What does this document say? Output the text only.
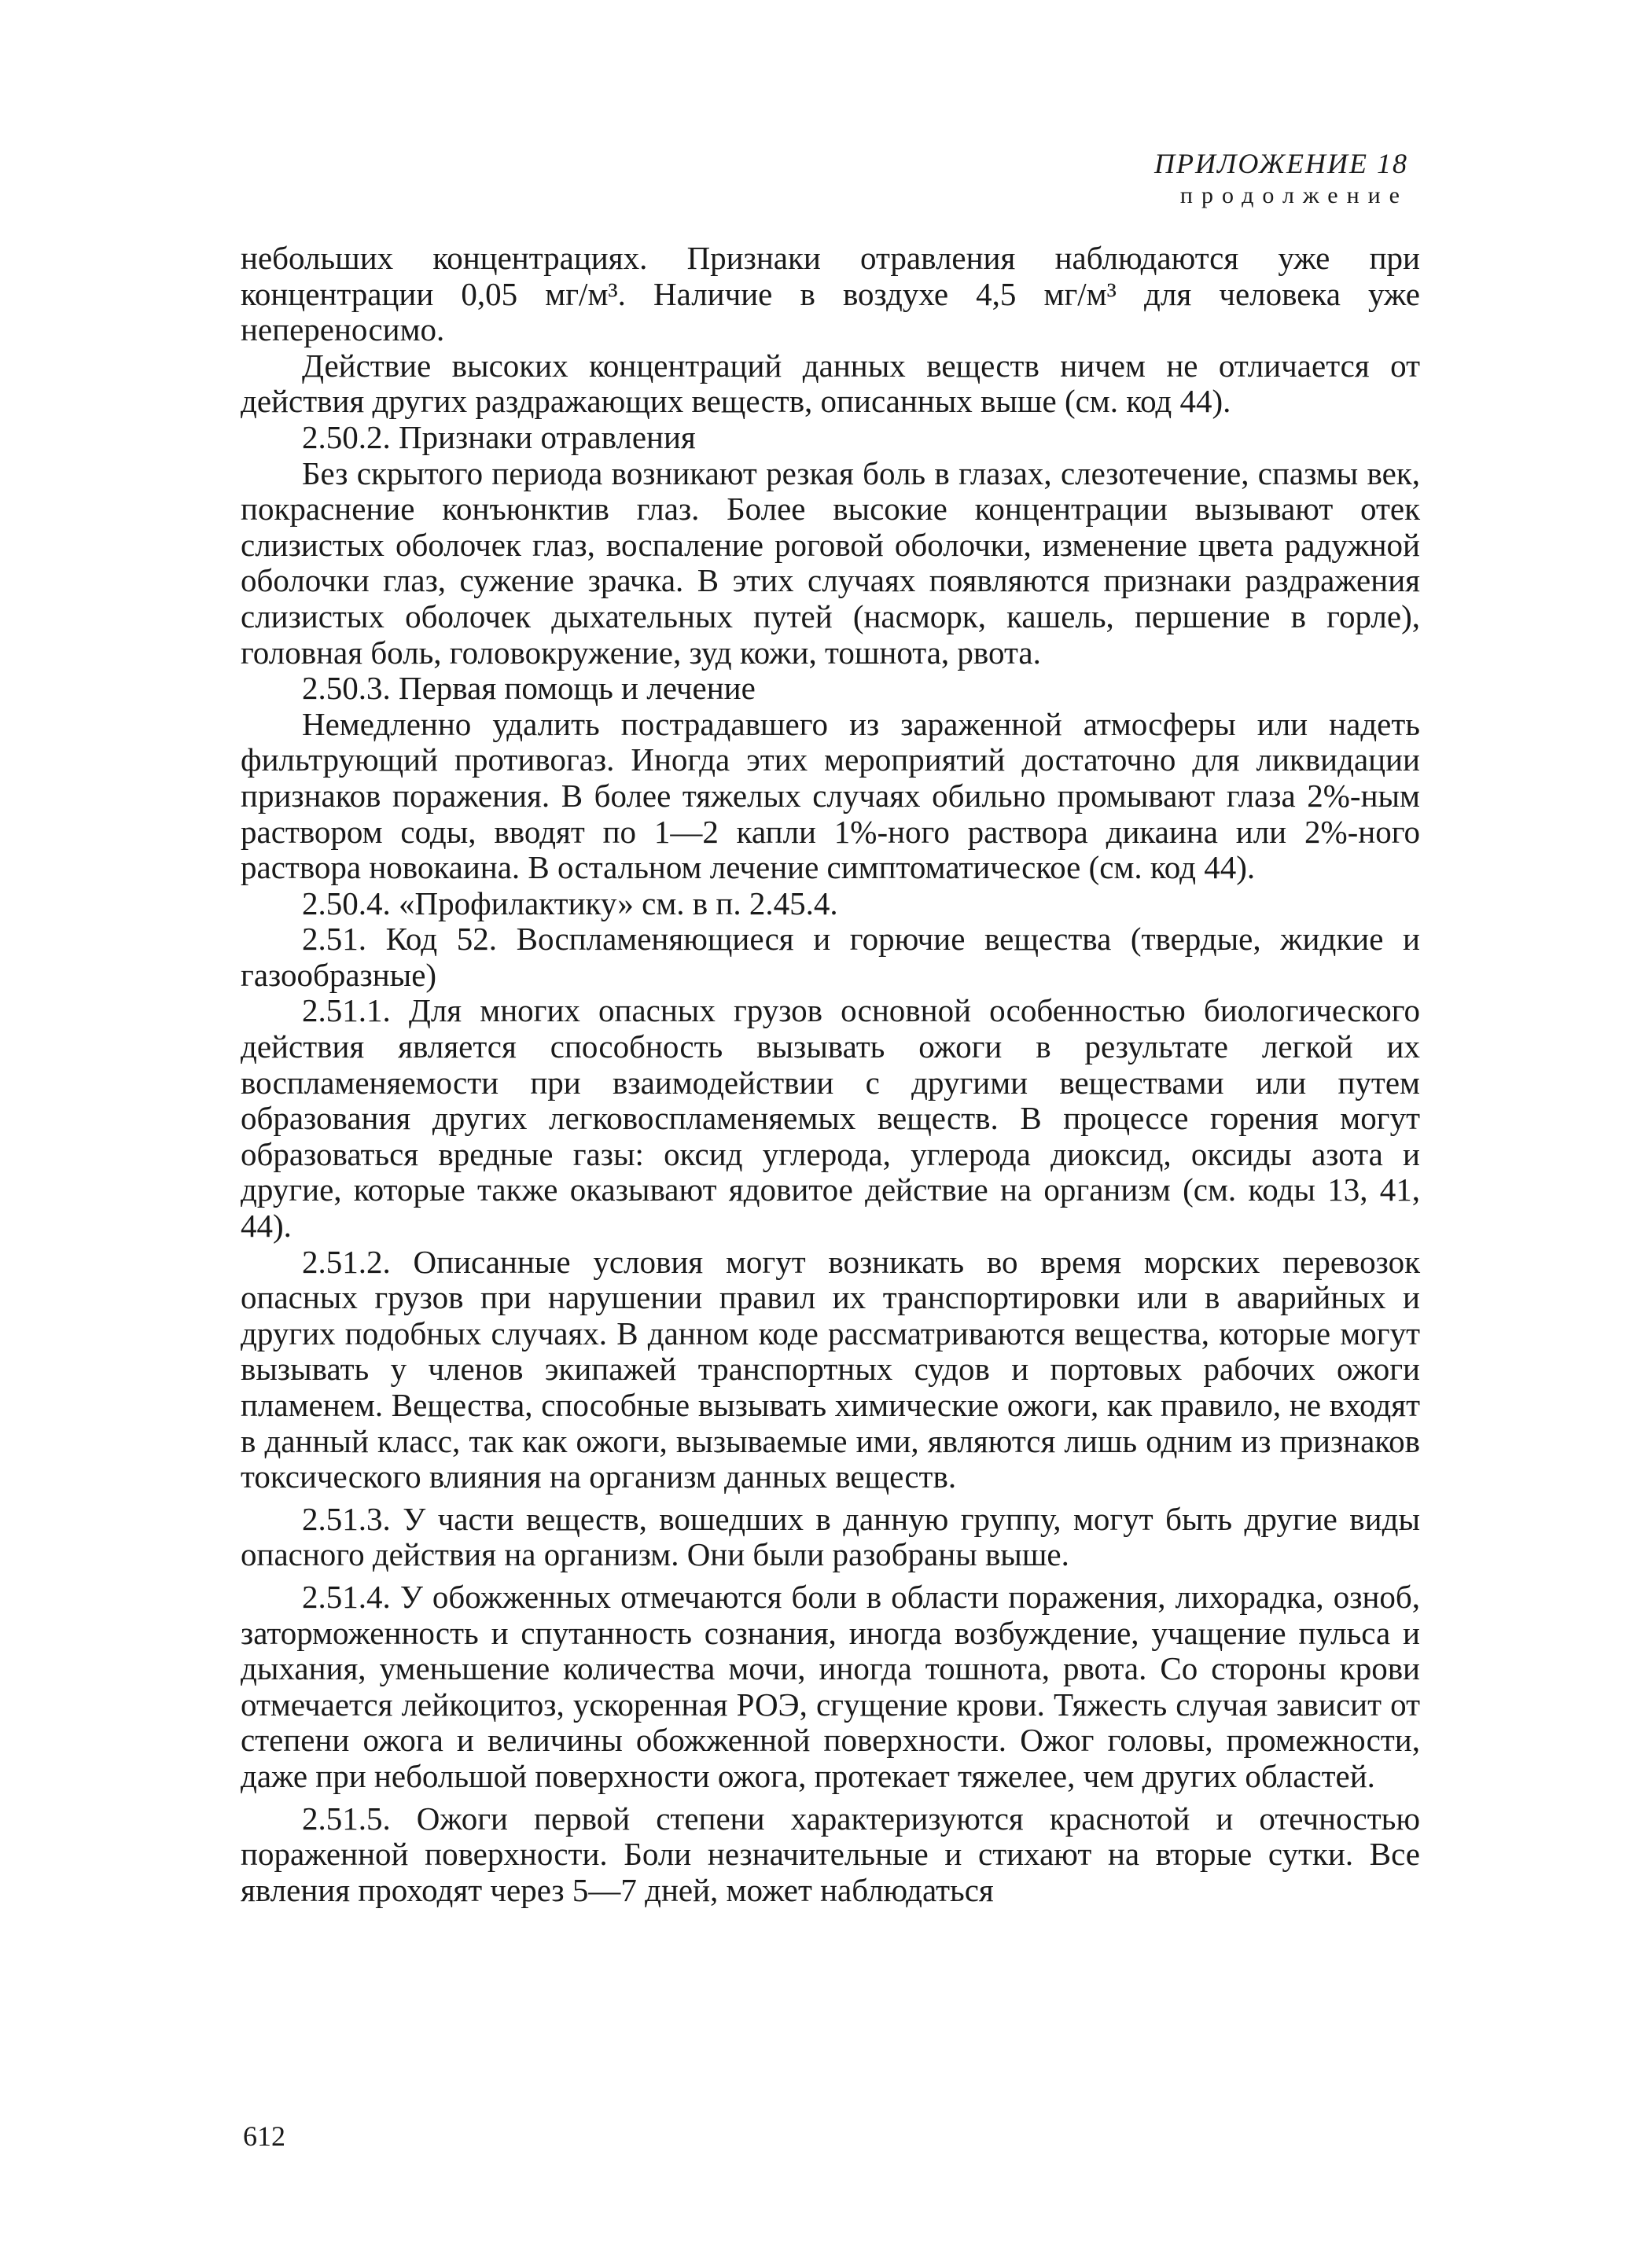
ПРИЛОЖЕНИЕ 18
продолжение

небольших концентрациях. Признаки отравления наблюдаются уже при концентрации 0,05 мг/м³. Наличие в воздухе 4,5 мг/м³ для человека уже непереносимо.

Действие высоких концентраций данных веществ ничем не отличается от действия других раздражающих веществ, описанных выше (см. код 44).

2.50.2. Признаки отравления

Без скрытого периода возникают резкая боль в глазах, слезотечение, спазмы век, покраснение конъюнктив глаз. Более высокие концентрации вызывают отек слизистых оболочек глаз, воспаление роговой оболочки, изменение цвета радужной оболочки глаз, сужение зрачка. В этих случаях появляются признаки раздражения слизистых оболочек дыхательных путей (насморк, кашель, першение в горле), головная боль, головокружение, зуд кожи, тошнота, рвота.

2.50.3. Первая помощь и лечение

Немедленно удалить пострадавшего из зараженной атмосферы или надеть фильтрующий противогаз. Иногда этих мероприятий достаточно для ликвидации признаков поражения. В более тяжелых случаях обильно промывают глаза 2%-ным раствором соды, вводят по 1—2 капли 1%-ного раствора дикаина или 2%-ного раствора новокаина. В остальном лечение симптоматическое (см. код 44).

2.50.4. «Профилактику» см. в п. 2.45.4.

2.51. Код 52. Воспламеняющиеся и горючие вещества (твердые, жидкие и газообразные)

2.51.1. Для многих опасных грузов основной особенностью биологического действия является способность вызывать ожоги в результате легкой их воспламеняемости при взаимодействии с другими веществами или путем образования других легковоспламеняемых веществ. В процессе горения могут образоваться вредные газы: оксид углерода, углерода диоксид, оксиды азота и другие, которые также оказывают ядовитое действие на организм (см. коды 13, 41, 44).

2.51.2. Описанные условия могут возникать во время морских перевозок опасных грузов при нарушении правил их транспортировки или в аварийных и других подобных случаях. В данном коде рассматриваются вещества, которые могут вызывать у членов экипажей транспортных судов и портовых рабочих ожоги пламенем. Вещества, способные вызывать химические ожоги, как правило, не входят в данный класс, так как ожоги, вызываемые ими, являются лишь одним из признаков токсического влияния на организм данных веществ.

2.51.3. У части веществ, вошедших в данную группу, могут быть другие виды опасного действия на организм. Они были разобраны выше.

2.51.4. У обожженных отмечаются боли в области поражения, лихорадка, озноб, заторможенность и спутанность сознания, иногда возбуждение, учащение пульса и дыхания, уменьшение количества мочи, иногда тошнота, рвота. Со стороны крови отмечается лейкоцитоз, ускоренная РОЭ, сгущение крови. Тяжесть случая зависит от степени ожога и величины обожженной поверхности. Ожог головы, промежности, даже при небольшой поверхности ожога, протекает тяжелее, чем других областей.

2.51.5. Ожоги первой степени характеризуются краснотой и отечностью пораженной поверхности. Боли незначительные и стихают на вторые сутки. Все явления проходят через 5—7 дней, может наблюдаться

612
